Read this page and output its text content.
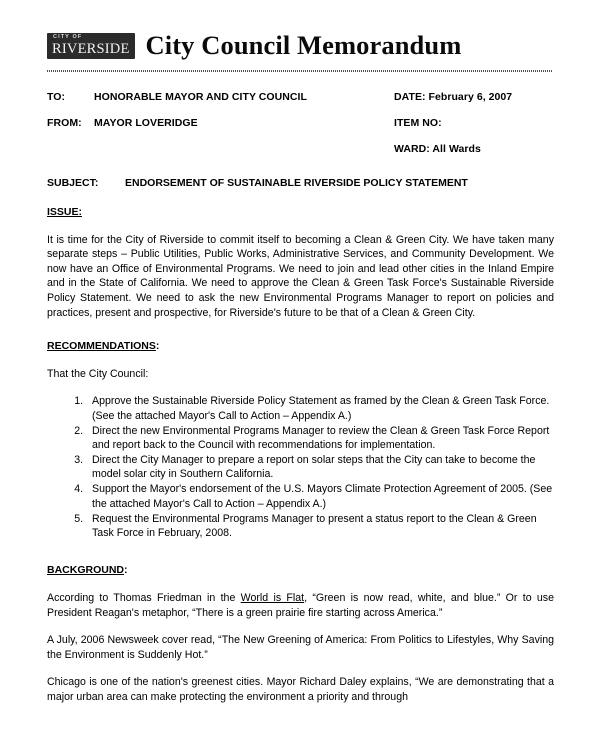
CITY OF
RIVERSIDE City Council Memorandum
TO:	HONORABLE MAYOR AND CITY COUNCIL	DATE: February 6, 2007
FROM:	MAYOR LOVERIDGE	ITEM NO:
WARD: All Wards
SUBJECT:	ENDORSEMENT OF SUSTAINABLE RIVERSIDE POLICY STATEMENT
ISSUE:

It is time for the City of Riverside to commit itself to becoming a Clean & Green City. We have taken many separate steps – Public Utilities, Public Works, Administrative Services, and Community Development. We now have an Office of Environmental Programs. We need to join and lead other cities in the Inland Empire and in the State of California. We need to approve the Clean & Green Task Force's Sustainable Riverside Policy Statement. We need to ask the new Environmental Programs Manager to report on policies and practices, present and prospective, for Riverside's future to be that of a Clean & Green City.

RECOMMENDATIONS:

That the City Council:

1. Approve the Sustainable Riverside Policy Statement as framed by the Clean & Green Task Force. (See the attached Mayor's Call to Action – Appendix A.)
2. Direct the new Environmental Programs Manager to review the Clean & Green Task Force Report and report back to the Council with recommendations for implementation.
3. Direct the City Manager to prepare a report on solar steps that the City can take to become the model solar city in Southern California.
4. Support the Mayor's endorsement of the U.S. Mayors Climate Protection Agreement of 2005. (See the attached Mayor's Call to Action – Appendix A.)
5. Request the Environmental Programs Manager to present a status report to the Clean & Green Task Force in February, 2008.
BACKGROUND:

According to Thomas Friedman in the World is Flat, “Green is now read, white, and blue.” Or to use President Reagan's metaphor, “There is a green prairie fire starting across America.”

A July, 2006 Newsweek cover read, “The New Greening of America: From Politics to Lifestyles, Why Saving the Environment is Suddenly Hot.”

Chicago is one of the nation's greenest cities. Mayor Richard Daley explains, “We are demonstrating that a major urban area can make protecting the environment a priority and through
